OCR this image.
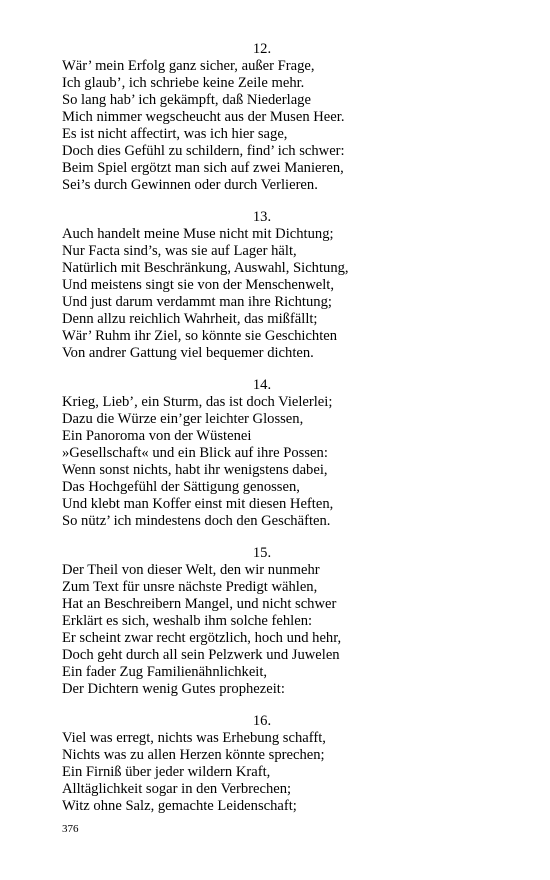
12.
Wär’ mein Erfolg ganz sicher, außer Frage,
Ich glaub’, ich schriebe keine Zeile mehr.
So lang hab’ ich gekämpft, daß Niederlage
Mich nimmer wegscheucht aus der Musen Heer.
Es ist nicht affectirt, was ich hier sage,
Doch dies Gefühl zu schildern, find’ ich schwer:
Beim Spiel ergötzt man sich auf zwei Manieren,
Sei’s durch Gewinnen oder durch Verlieren.
13.
Auch handelt meine Muse nicht mit Dichtung;
Nur Facta sind’s, was sie auf Lager hält,
Natürlich mit Beschränkung, Auswahl, Sichtung,
Und meistens singt sie von der Menschenwelt,
Und just darum verdammt man ihre Richtung;
Denn allzu reichlich Wahrheit, das mißfällt;
Wär’ Ruhm ihr Ziel, so könnte sie Geschichten
Von andrer Gattung viel bequemer dichten.
14.
Krieg, Lieb’, ein Sturm, das ist doch Vielerlei;
Dazu die Würze ein’ger leichter Glossen,
Ein Panoroma von der Wüstenei
»Gesellschaft« und ein Blick auf ihre Possen:
Wenn sonst nichts, habt ihr wenigstens dabei,
Das Hochgefühl der Sättigung genossen,
Und klebt man Koffer einst mit diesen Heften,
So nütz’ ich mindestens doch den Geschäften.
15.
Der Theil von dieser Welt, den wir nunmehr
Zum Text für unsre nächste Predigt wählen,
Hat an Beschreibern Mangel, und nicht schwer
Erklärt es sich, weshalb ihm solche fehlen:
Er scheint zwar recht ergötzlich, hoch und hehr,
Doch geht durch all sein Pelzwerk und Juwelen
Ein fader Zug Familienähnlichkeit,
Der Dichtern wenig Gutes prophezeit:
16.
Viel was erregt, nichts was Erhebung schafft,
Nichts was zu allen Herzen könnte sprechen;
Ein Firniß über jeder wildern Kraft,
Alltäglichkeit sogar in den Verbrechen;
Witz ohne Salz, gemachte Leidenschaft;
376
